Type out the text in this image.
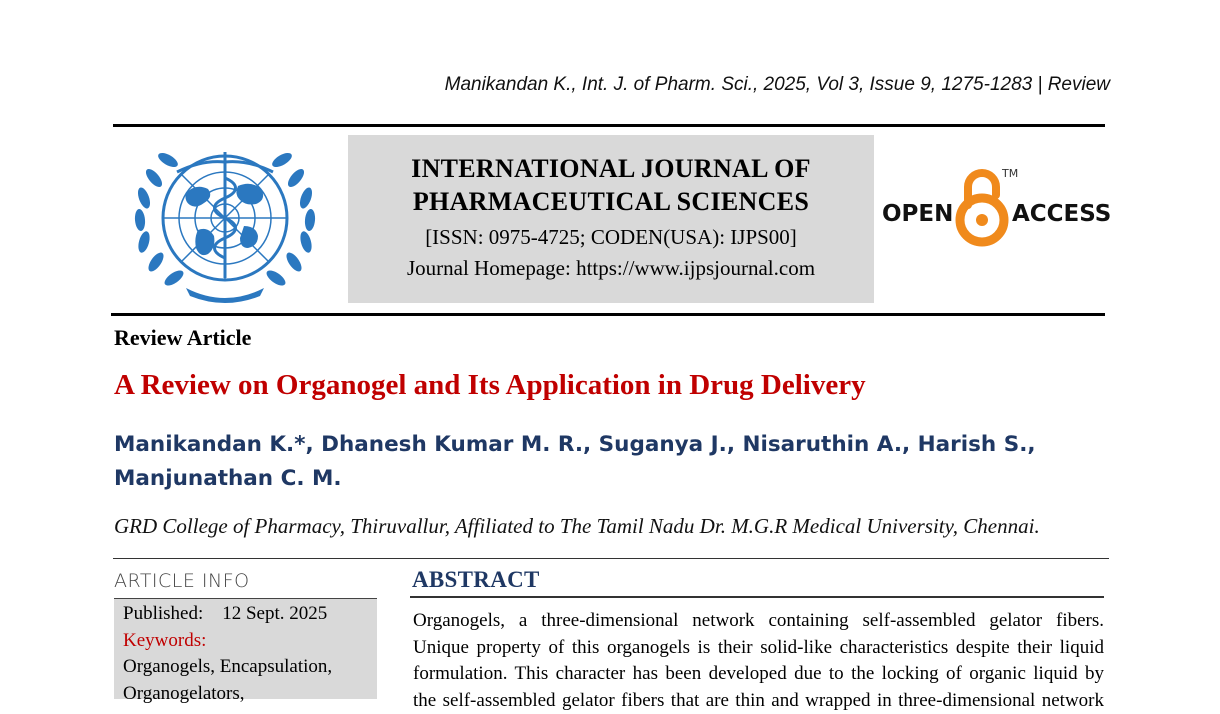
Manikandan K., Int. J. of Pharm. Sci., 2025, Vol 3, Issue 9, 1275-1283 | Review
INTERNATIONAL JOURNAL OF
PHARMACEUTICAL SCIENCES
[ISSN: 0975-4725; CODEN(USA): IJPS00]
Journal Homepage: https://www.ijpsjournal.com
OPEN
TM
ACCESS
Review Article
A Review on Organogel and Its Application in Drug Delivery
Manikandan K.*, Dhanesh Kumar M. R., Suganya J., Nisaruthin A., Harish S.,
Manjunathan C. M.
GRD College of Pharmacy, Thiruvallur, Affiliated to The Tamil Nadu Dr. M.G.R Medical University, Chennai.
ARTICLE INFO
Published: 12 Sept. 2025
Keywords:
Organogels, Encapsulation,
Organogelators,
ABSTRACT
Organogels, a three-dimensional network containing self-assembled gelator fibers.
Unique property of this organogels is their solid-like characteristics despite their liquid
formulation. This character has been developed due to the locking of organic liquid by
the self-assembled gelator fibers that are thin and wrapped in three-dimensional network
